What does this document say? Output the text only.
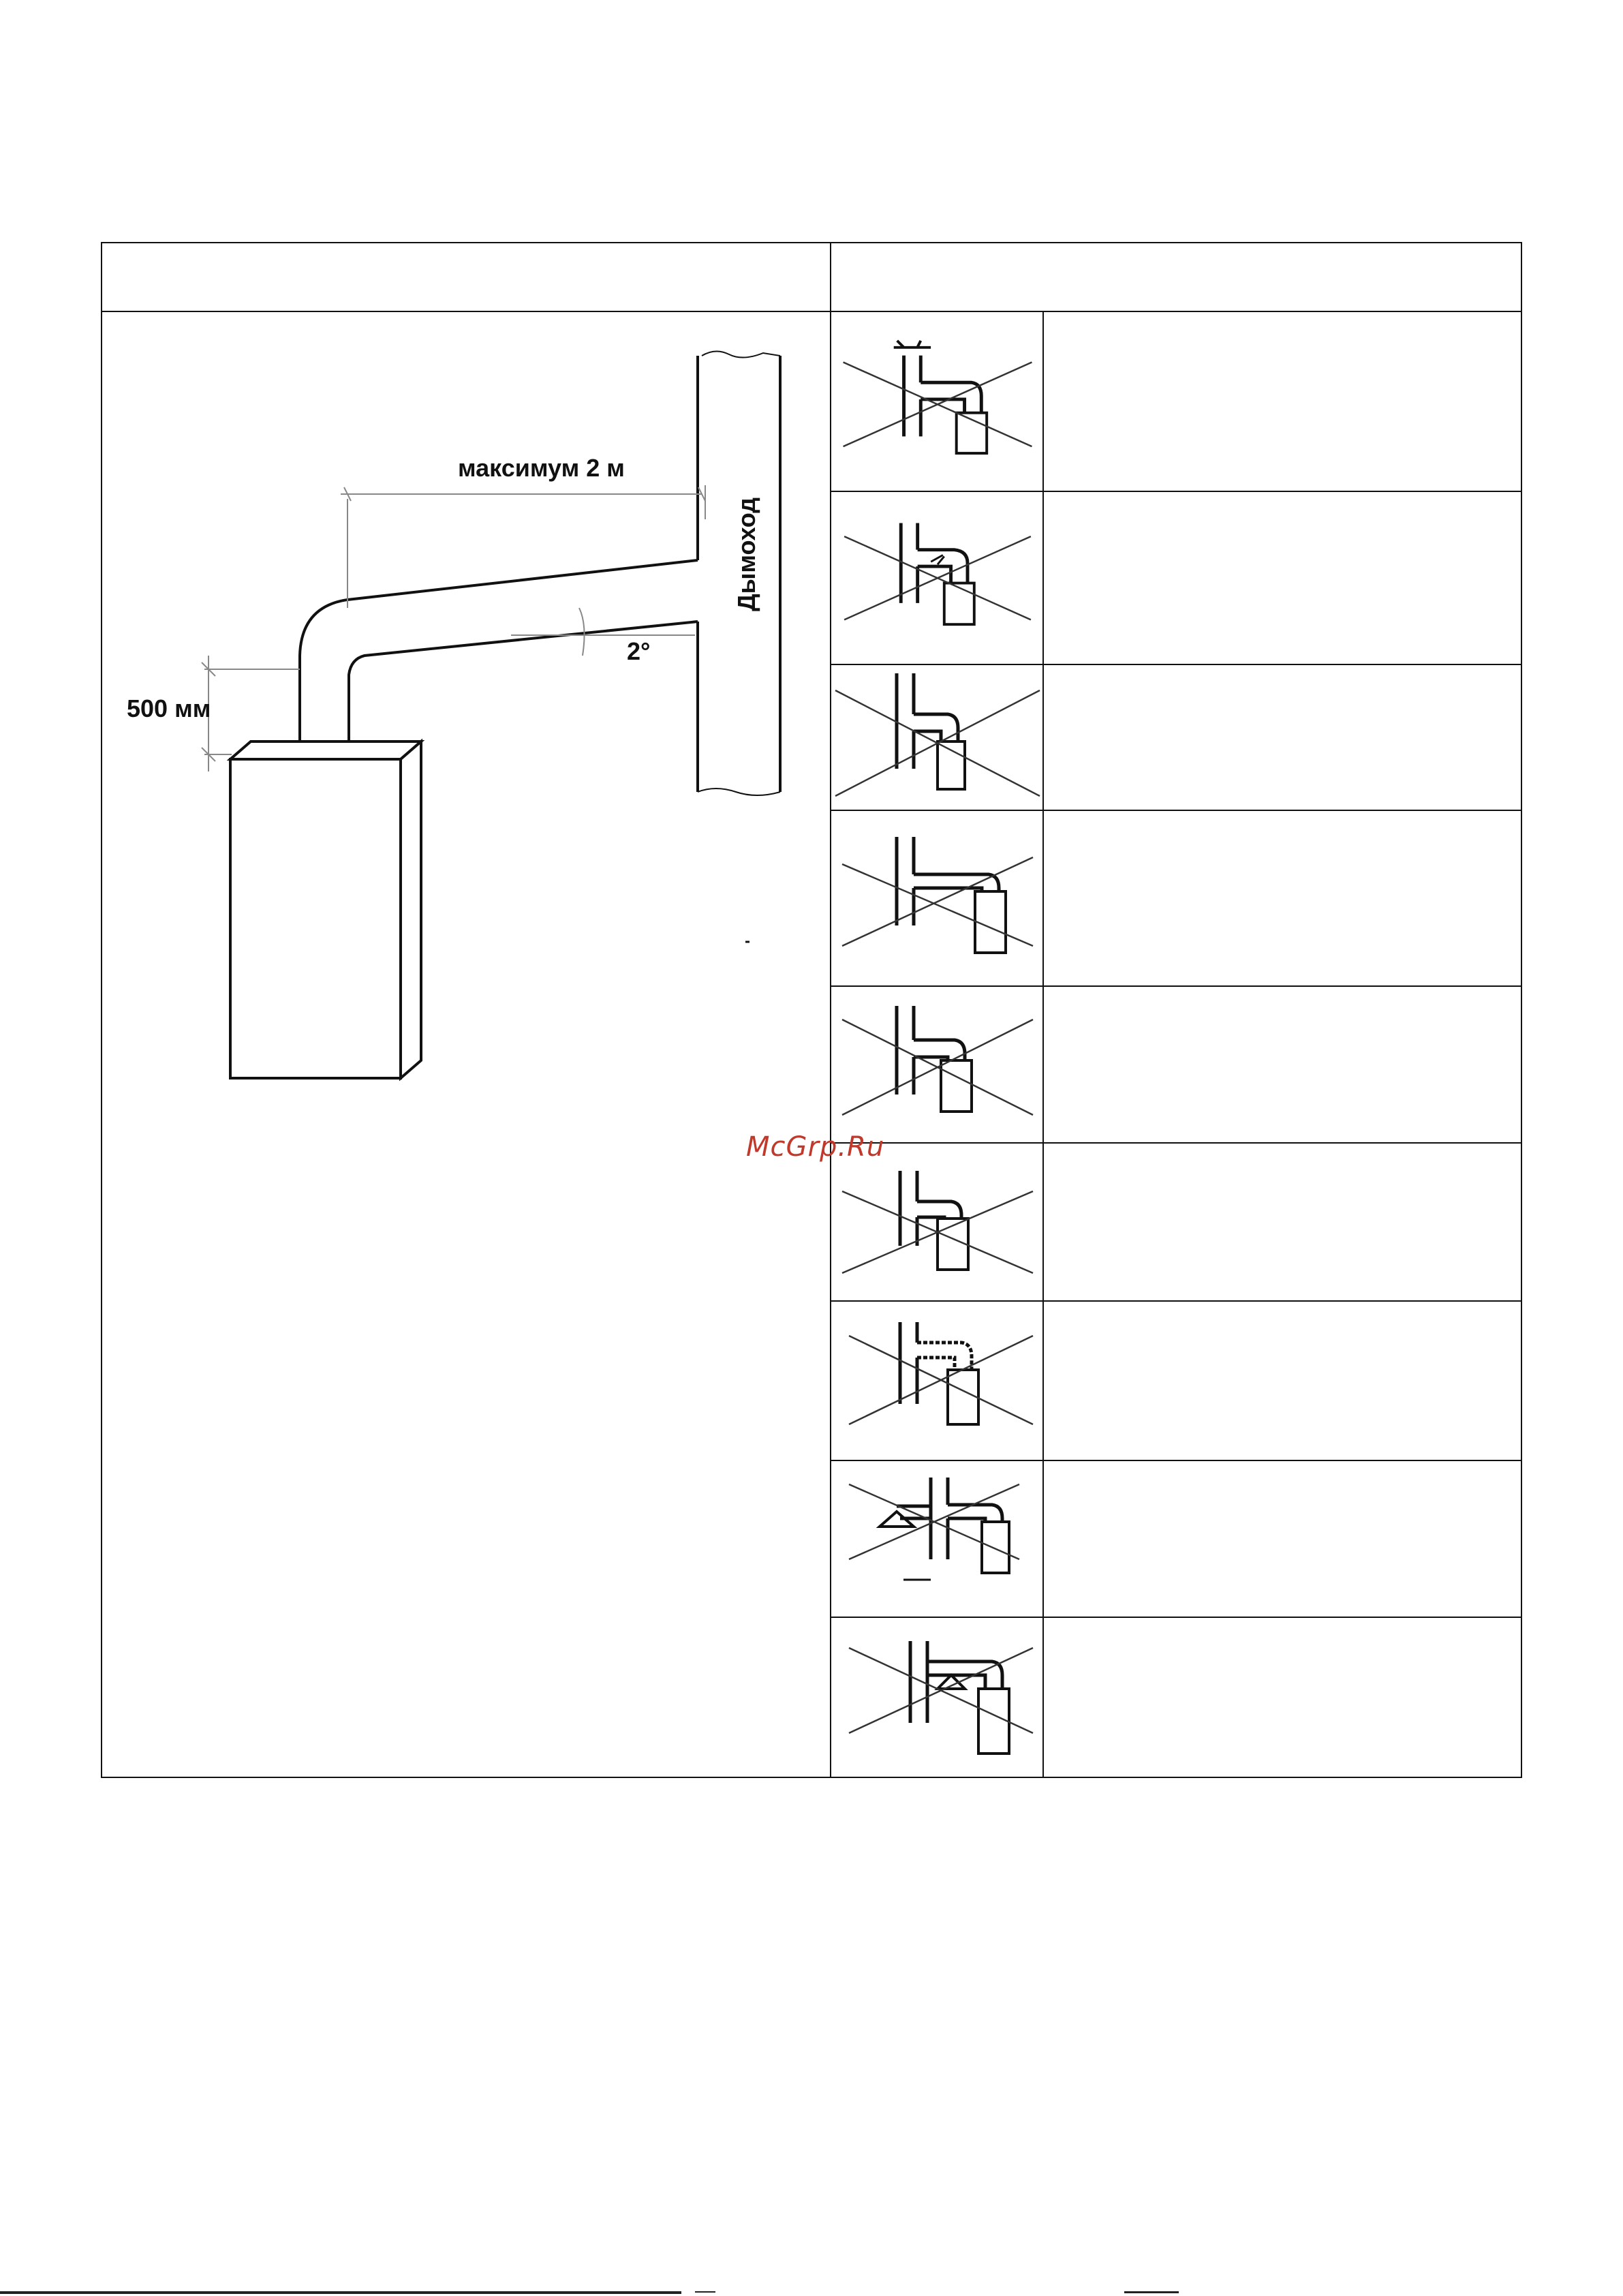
Дымоход
максимум 2 м
2°
500 мм
McGrp.Ru
